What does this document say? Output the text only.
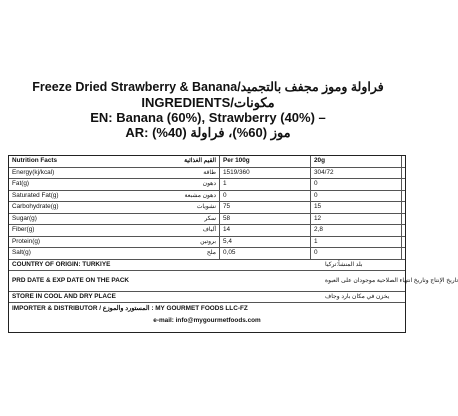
Freeze Dried Strawberry & Banana/فراولة وموز مجفف بالتجميد
INGREDIENTS/مكونات
EN: Banana (60%), Strawberry (40%) –
AR: موز (60%)، فراولة (40%)
Nutrition Facts القيم الغذائية	Per 100g	20g	
Energy(kj/kcal) طاقة	1519/360	304/72	
Fat(g) دهون	1	0	
Saturated Fat(g) دهون مشبعة	0	0	
Carbohydrate(g) نشويات	75	15	
Sugar(g) سكر	58	12	
Fiber(g) ألياف	14	2,8	
Protein(g) بروتين	5,4	1	
Salt(g) ملح	0,05	0	
COUNTRY OF ORIGIN: TURKIYE	بلد المنشأ:تركيا
PRD DATE & EXP DATE ON THE PACK	تاريخ الإنتاج وتاريخ انتهاء الصلاحية موجودان على العبوة
STORE IN COOL AND DRY PLACE	يخزن في مكان بارد وجاف
IMPORTER & DISTRIBUTOR / المستورد والموزع : MY GOURMET FOODS LLC-FZ
e-mail: info@mygourmetfoods.com
